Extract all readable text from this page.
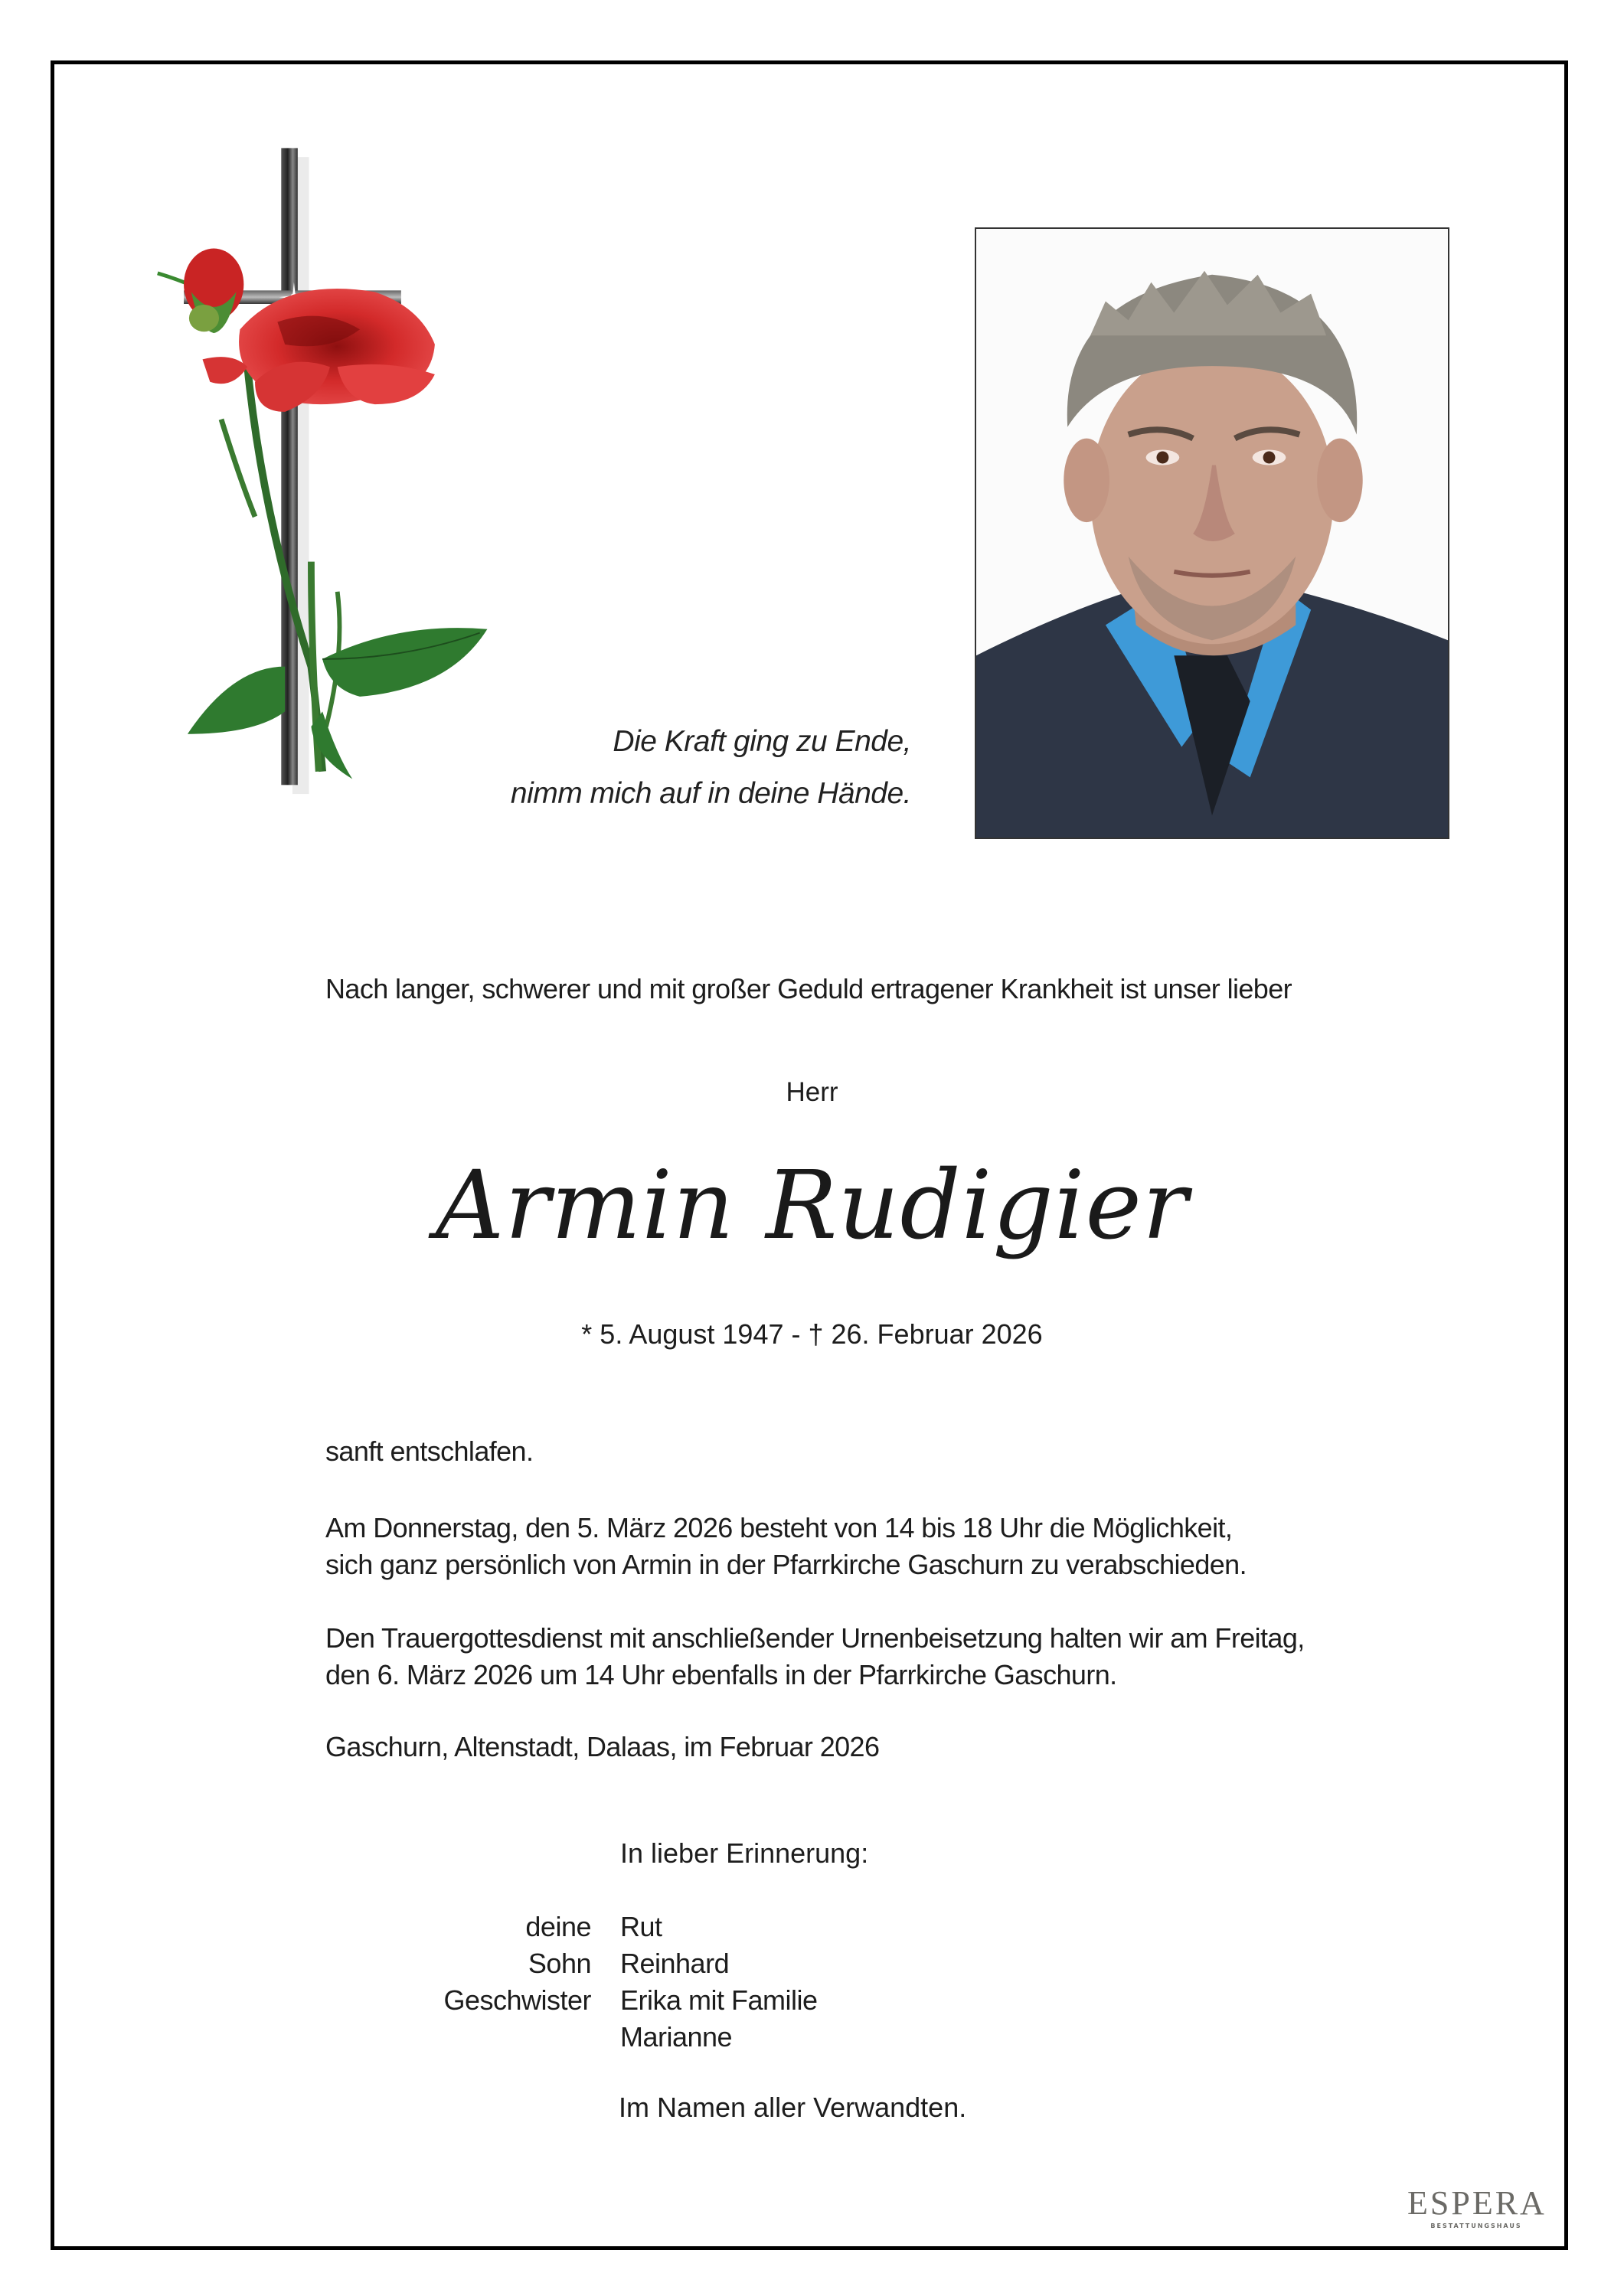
Die Kraft ging zu Ende,
nimm mich auf in deine Hände.
Nach langer, schwerer und mit großer Geduld ertragener Krankheit ist unser lieber
Herr
Armin Rudigier
* 5. August 1947 - † 26. Februar 2026
sanft entschlafen.
Am Donnerstag, den 5. März 2026 besteht von 14 bis 18 Uhr die Möglichkeit,
sich ganz persönlich von Armin in der Pfarrkirche Gaschurn zu verabschieden.
Den Trauergottesdienst mit anschließender Urnenbeisetzung halten wir am Freitag,
den 6. März 2026 um 14 Uhr ebenfalls in der Pfarrkirche Gaschurn.
Gaschurn, Altenstadt, Dalaas, im Februar 2026
In lieber Erinnerung:
deine	Rut
Sohn	Reinhard
Geschwister	Erika mit Familie
Marianne
Im Namen aller Verwandten.
ESPERA
BESTATTUNGSHAUS
